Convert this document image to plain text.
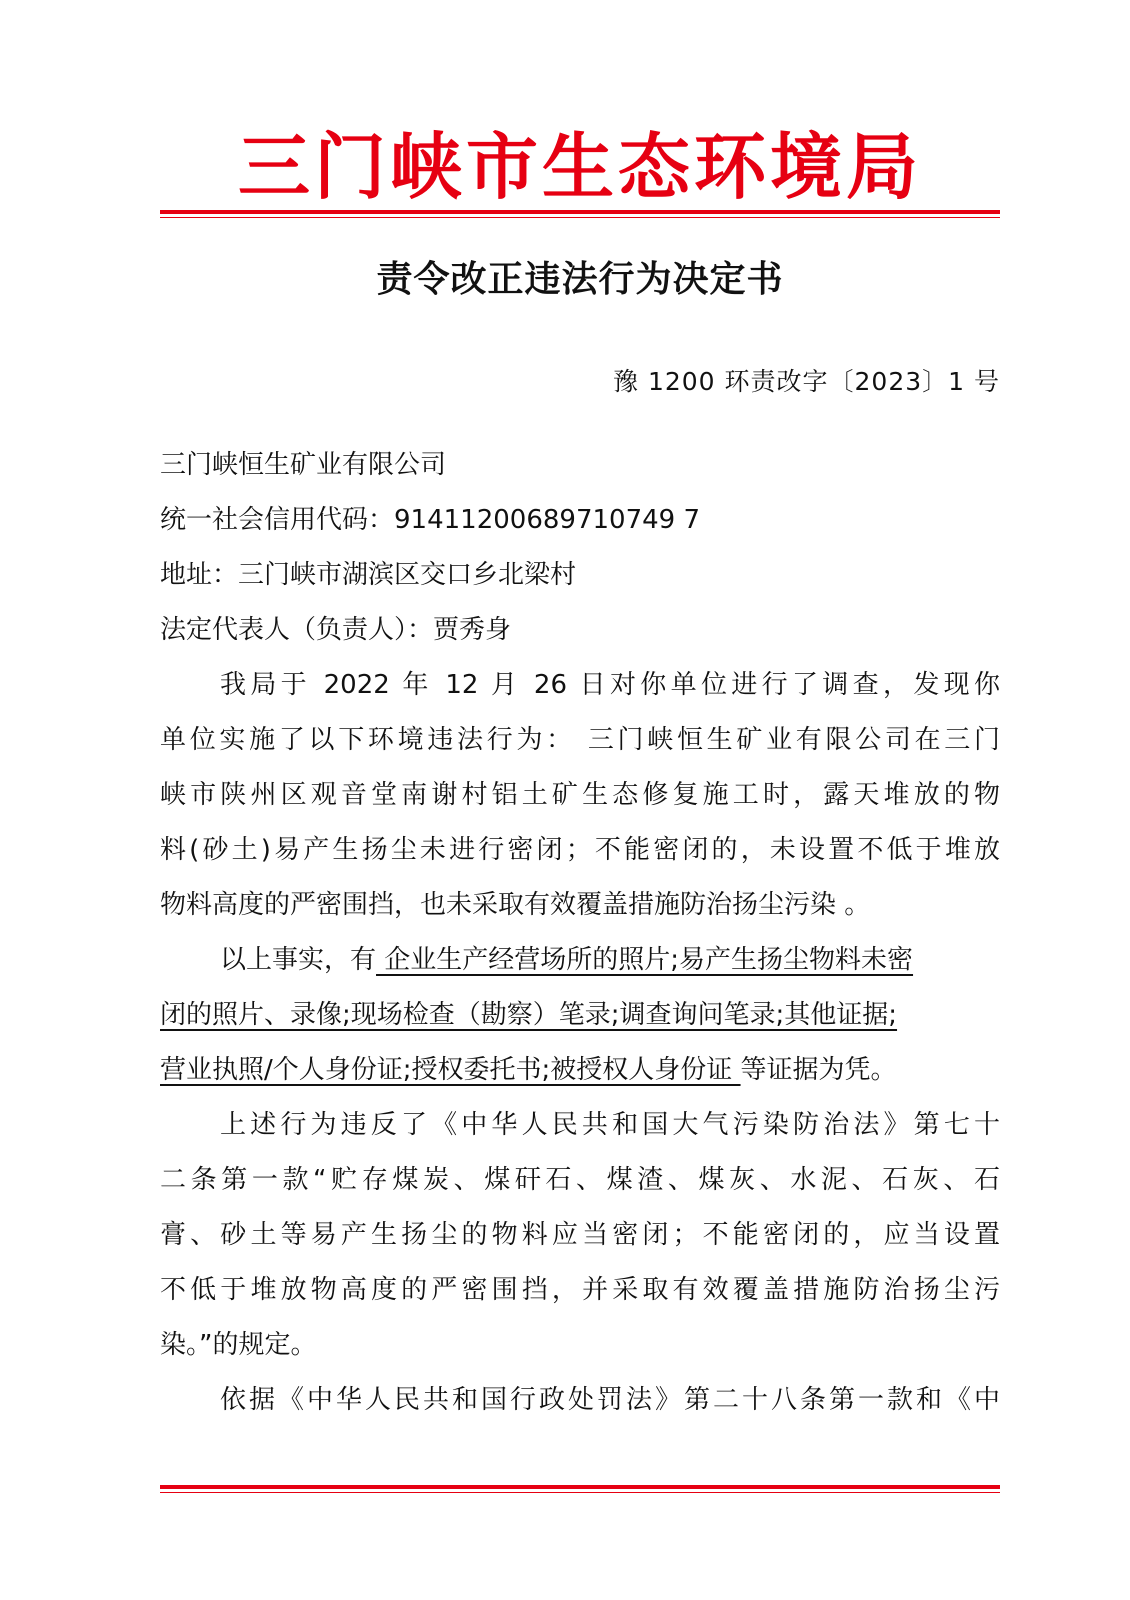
三门峡市生态环境局
责令改正违法行为决定书
豫 1200 环责改字〔2023〕1 号
三门峡恒生矿业有限公司
统一社会信用代码：91411200689710749 7
地址：三门峡市湖滨区交口乡北梁村
法定代表人（负责人）：贾秀身
我局于 2022 年 12 月 26 日对你单位进行了调查，发现你
单位实施了以下环境违法行为： 三门峡恒生矿业有限公司在三门
峡市陕州区观音堂南谢村铝土矿生态修复施工时，露天堆放的物
料(砂土)易产生扬尘未进行密闭；不能密闭的，未设置不低于堆放
物料高度的严密围挡，也未采取有效覆盖措施防治扬尘污染 。
以上事实，有 企业生产经营场所的照片;易产生扬尘物料未密
闭的照片、录像;现场检查（勘察）笔录;调查询问笔录;其他证据;
营业执照/个人身份证;授权委托书;被授权人身份证 等证据为凭。
上述行为违反了《中华人民共和国大气污染防治法》第七十
二条第一款“贮存煤炭、煤矸石、煤渣、煤灰、水泥、石灰、石
膏、砂土等易产生扬尘的物料应当密闭；不能密闭的，应当设置
不低于堆放物高度的严密围挡，并采取有效覆盖措施防治扬尘污
染。”的规定。
依据《中华人民共和国行政处罚法》第二十八条第一款和《中
